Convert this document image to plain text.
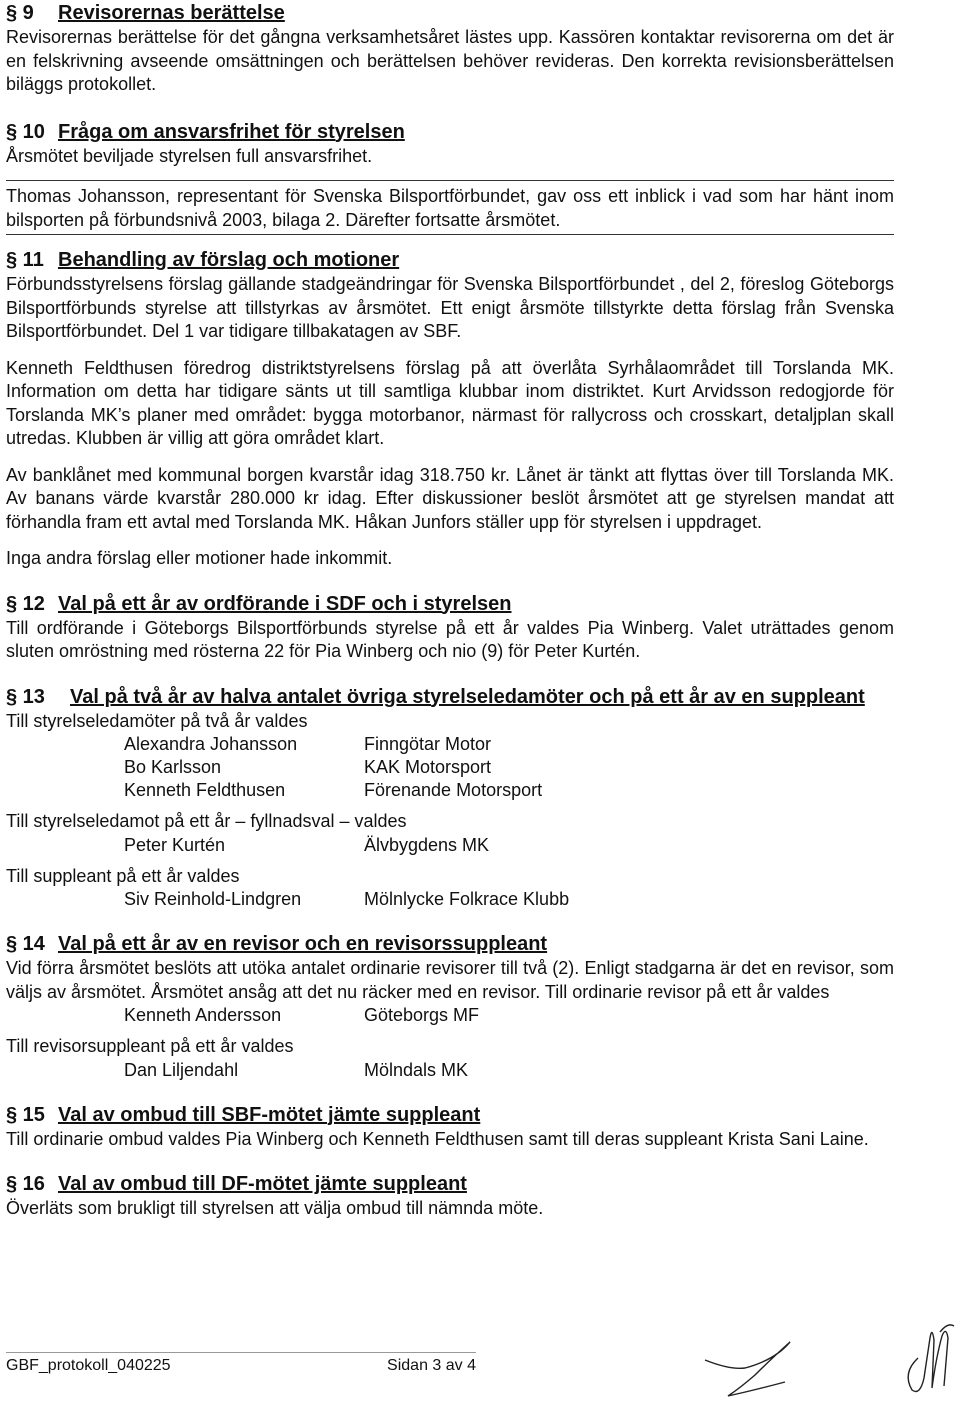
§ 9 Revisorernas berättelse

Revisorernas berättelse för det gångna verksamhetsåret lästes upp. Kassören kontaktar revisorerna om det är en felskrivning avseende omsättningen och berättelsen behöver revideras. Den korrekta revisionsberättelsen biläggs protokollet.

§ 10 Fråga om ansvarsfrihet för styrelsen

Årsmötet beviljade styrelsen full ansvarsfrihet.

Thomas Johansson, representant för Svenska Bilsportförbundet, gav oss ett inblick i vad som har hänt inom bilsporten på förbundsnivå 2003, bilaga 2. Därefter fortsatte årsmötet.

§ 11 Behandling av förslag och motioner

Förbundsstyrelsens förslag gällande stadgeändringar för Svenska Bilsportförbundet , del 2, föreslog Göteborgs Bilsportförbunds styrelse att tillstyrkas av årsmötet. Ett enigt årsmöte tillstyrkte detta förslag från Svenska Bilsportförbundet. Del 1 var tidigare tillbakatagen av SBF.

Kenneth Feldthusen föredrog distriktstyrelsens förslag på att överlåta Syrhålaområdet till Torslanda MK. Information om detta har tidigare sänts ut till samtliga klubbar inom distriktet. Kurt Arvidsson redogjorde för Torslanda MK’s planer med området: bygga motorbanor, närmast för rallycross och crosskart, detaljplan skall utredas. Klubben är villig att göra området klart.

Av banklånet med kommunal borgen kvarstår idag 318.750 kr. Lånet är tänkt att flyttas över till Torslanda MK. Av banans värde kvarstår 280.000 kr idag. Efter diskussioner beslöt årsmötet att ge styrelsen mandat att förhandla fram ett avtal med Torslanda MK. Håkan Junfors ställer upp för styrelsen i uppdraget.

Inga andra förslag eller motioner hade inkommit.

§ 12 Val på ett år av ordförande i SDF och i styrelsen

Till ordförande i Göteborgs Bilsportförbunds styrelse på ett år valdes Pia Winberg. Valet uträttades genom sluten omröstning med rösterna 22 för Pia Winberg och nio (9) för Peter Kurtén.

§ 13	Val på två år av halva antalet övriga styrelseledamöter och på ett år av en suppleant

Till styrelseledamöter på två år valdes

Alexandra Johansson	Finngötar Motor
Bo Karlsson	KAK Motorsport
Kenneth Feldthusen	Förenande Motorsport

Till styrelseledamot på ett år – fyllnadsval – valdes

Peter Kurtén	Älvbygdens MK

Till suppleant på ett år valdes

Siv Reinhold-Lindgren	Mölnlycke Folkrace Klubb
§ 14 Val på ett år av en revisor och en revisorssuppleant

Vid förra årsmötet beslöts att utöka antalet ordinarie revisorer till två (2). Enligt stadgarna är det en revisor, som väljs av årsmötet. Årsmötet ansåg att det nu räcker med en revisor. Till ordinarie revisor på ett år valdes

Kenneth Andersson	Göteborgs MF

Till revisorsuppleant på ett år valdes

Dan Liljendahl	Mölndals MK
§ 15 Val av ombud till SBF-mötet jämte suppleant

Till ordinarie ombud valdes Pia Winberg och Kenneth Feldthusen samt till deras suppleant Krista Sani Laine.

§ 16 Val av ombud till DF-mötet jämte suppleant

Överläts som brukligt till styrelsen att välja ombud till nämnda möte.

GBF_protokoll_040225	Sidan 3 av 4
